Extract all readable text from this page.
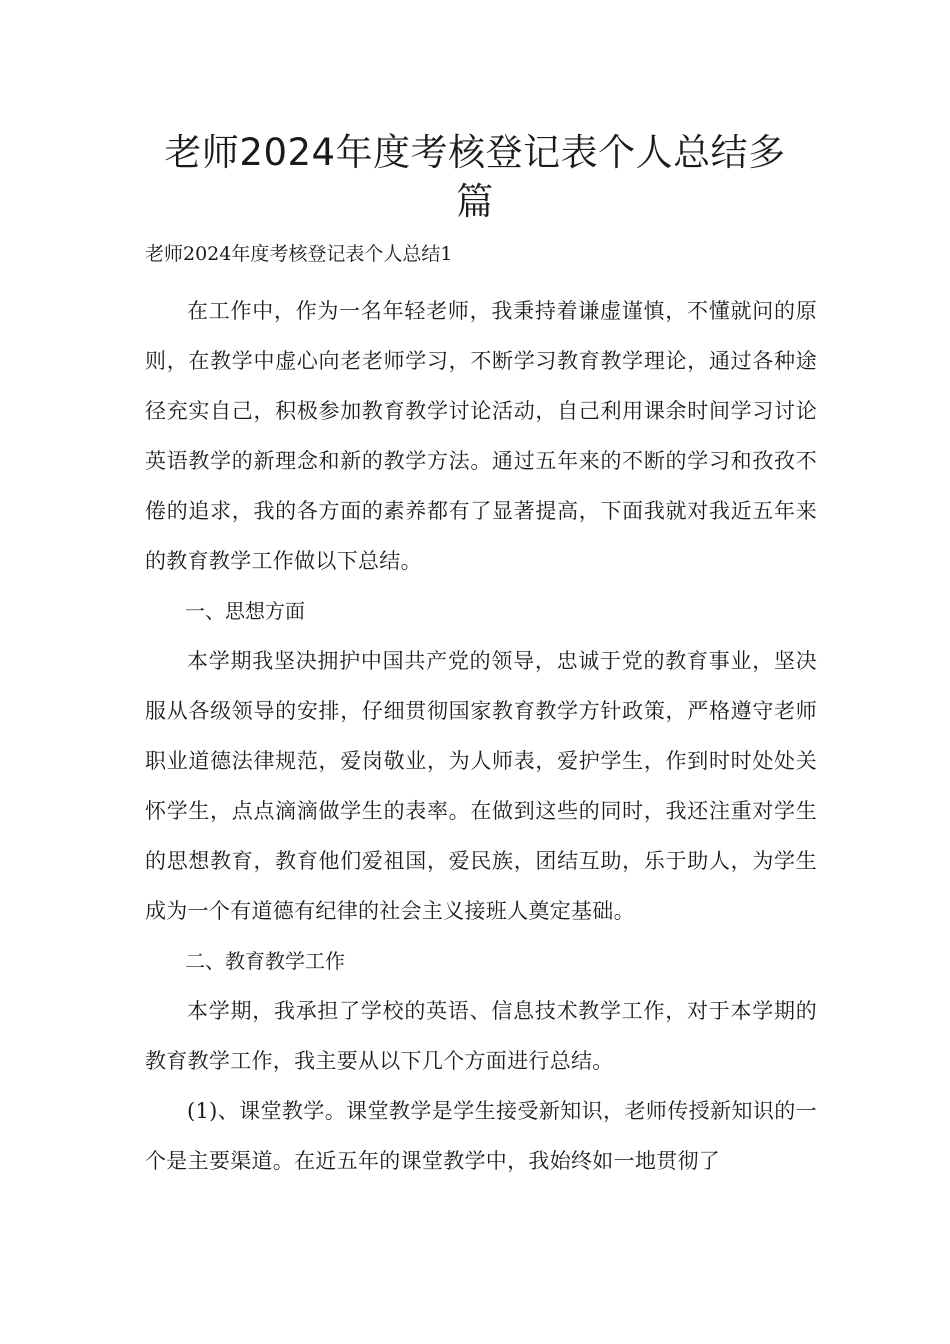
老师2024年度考核登记表个人总结多篇

老师2024年度考核登记表个人总结1

在工作中，作为一名年轻老师，我秉持着谦虚谨慎，不懂就问的原则，在教学中虚心向老老师学习，不断学习教育教学理论，通过各种途径充实自己，积极参加教育教学讨论活动，自己利用课余时间学习讨论英语教学的新理念和新的教学方法。通过五年来的不断的学习和孜孜不倦的追求，我的各方面的素养都有了显著提高，下面我就对我近五年来的教育教学工作做以下总结。

一、思想方面

本学期我坚决拥护中国共产党的领导，忠诚于党的教育事业，坚决服从各级领导的安排，仔细贯彻国家教育教学方针政策，严格遵守老师职业道德法律规范，爱岗敬业，为人师表，爱护学生，作到时时处处关怀学生，点点滴滴做学生的表率。在做到这些的同时，我还注重对学生的思想教育，教育他们爱祖国，爱民族，团结互助，乐于助人，为学生成为一个有道德有纪律的社会主义接班人奠定基础。

二、教育教学工作

本学期，我承担了学校的英语、信息技术教学工作，对于本学期的教育教学工作，我主要从以下几个方面进行总结。

(1)、课堂教学。课堂教学是学生接受新知识，老师传授新知识的一个是主要渠道。在近五年的课堂教学中，我始终如一地贯彻了
